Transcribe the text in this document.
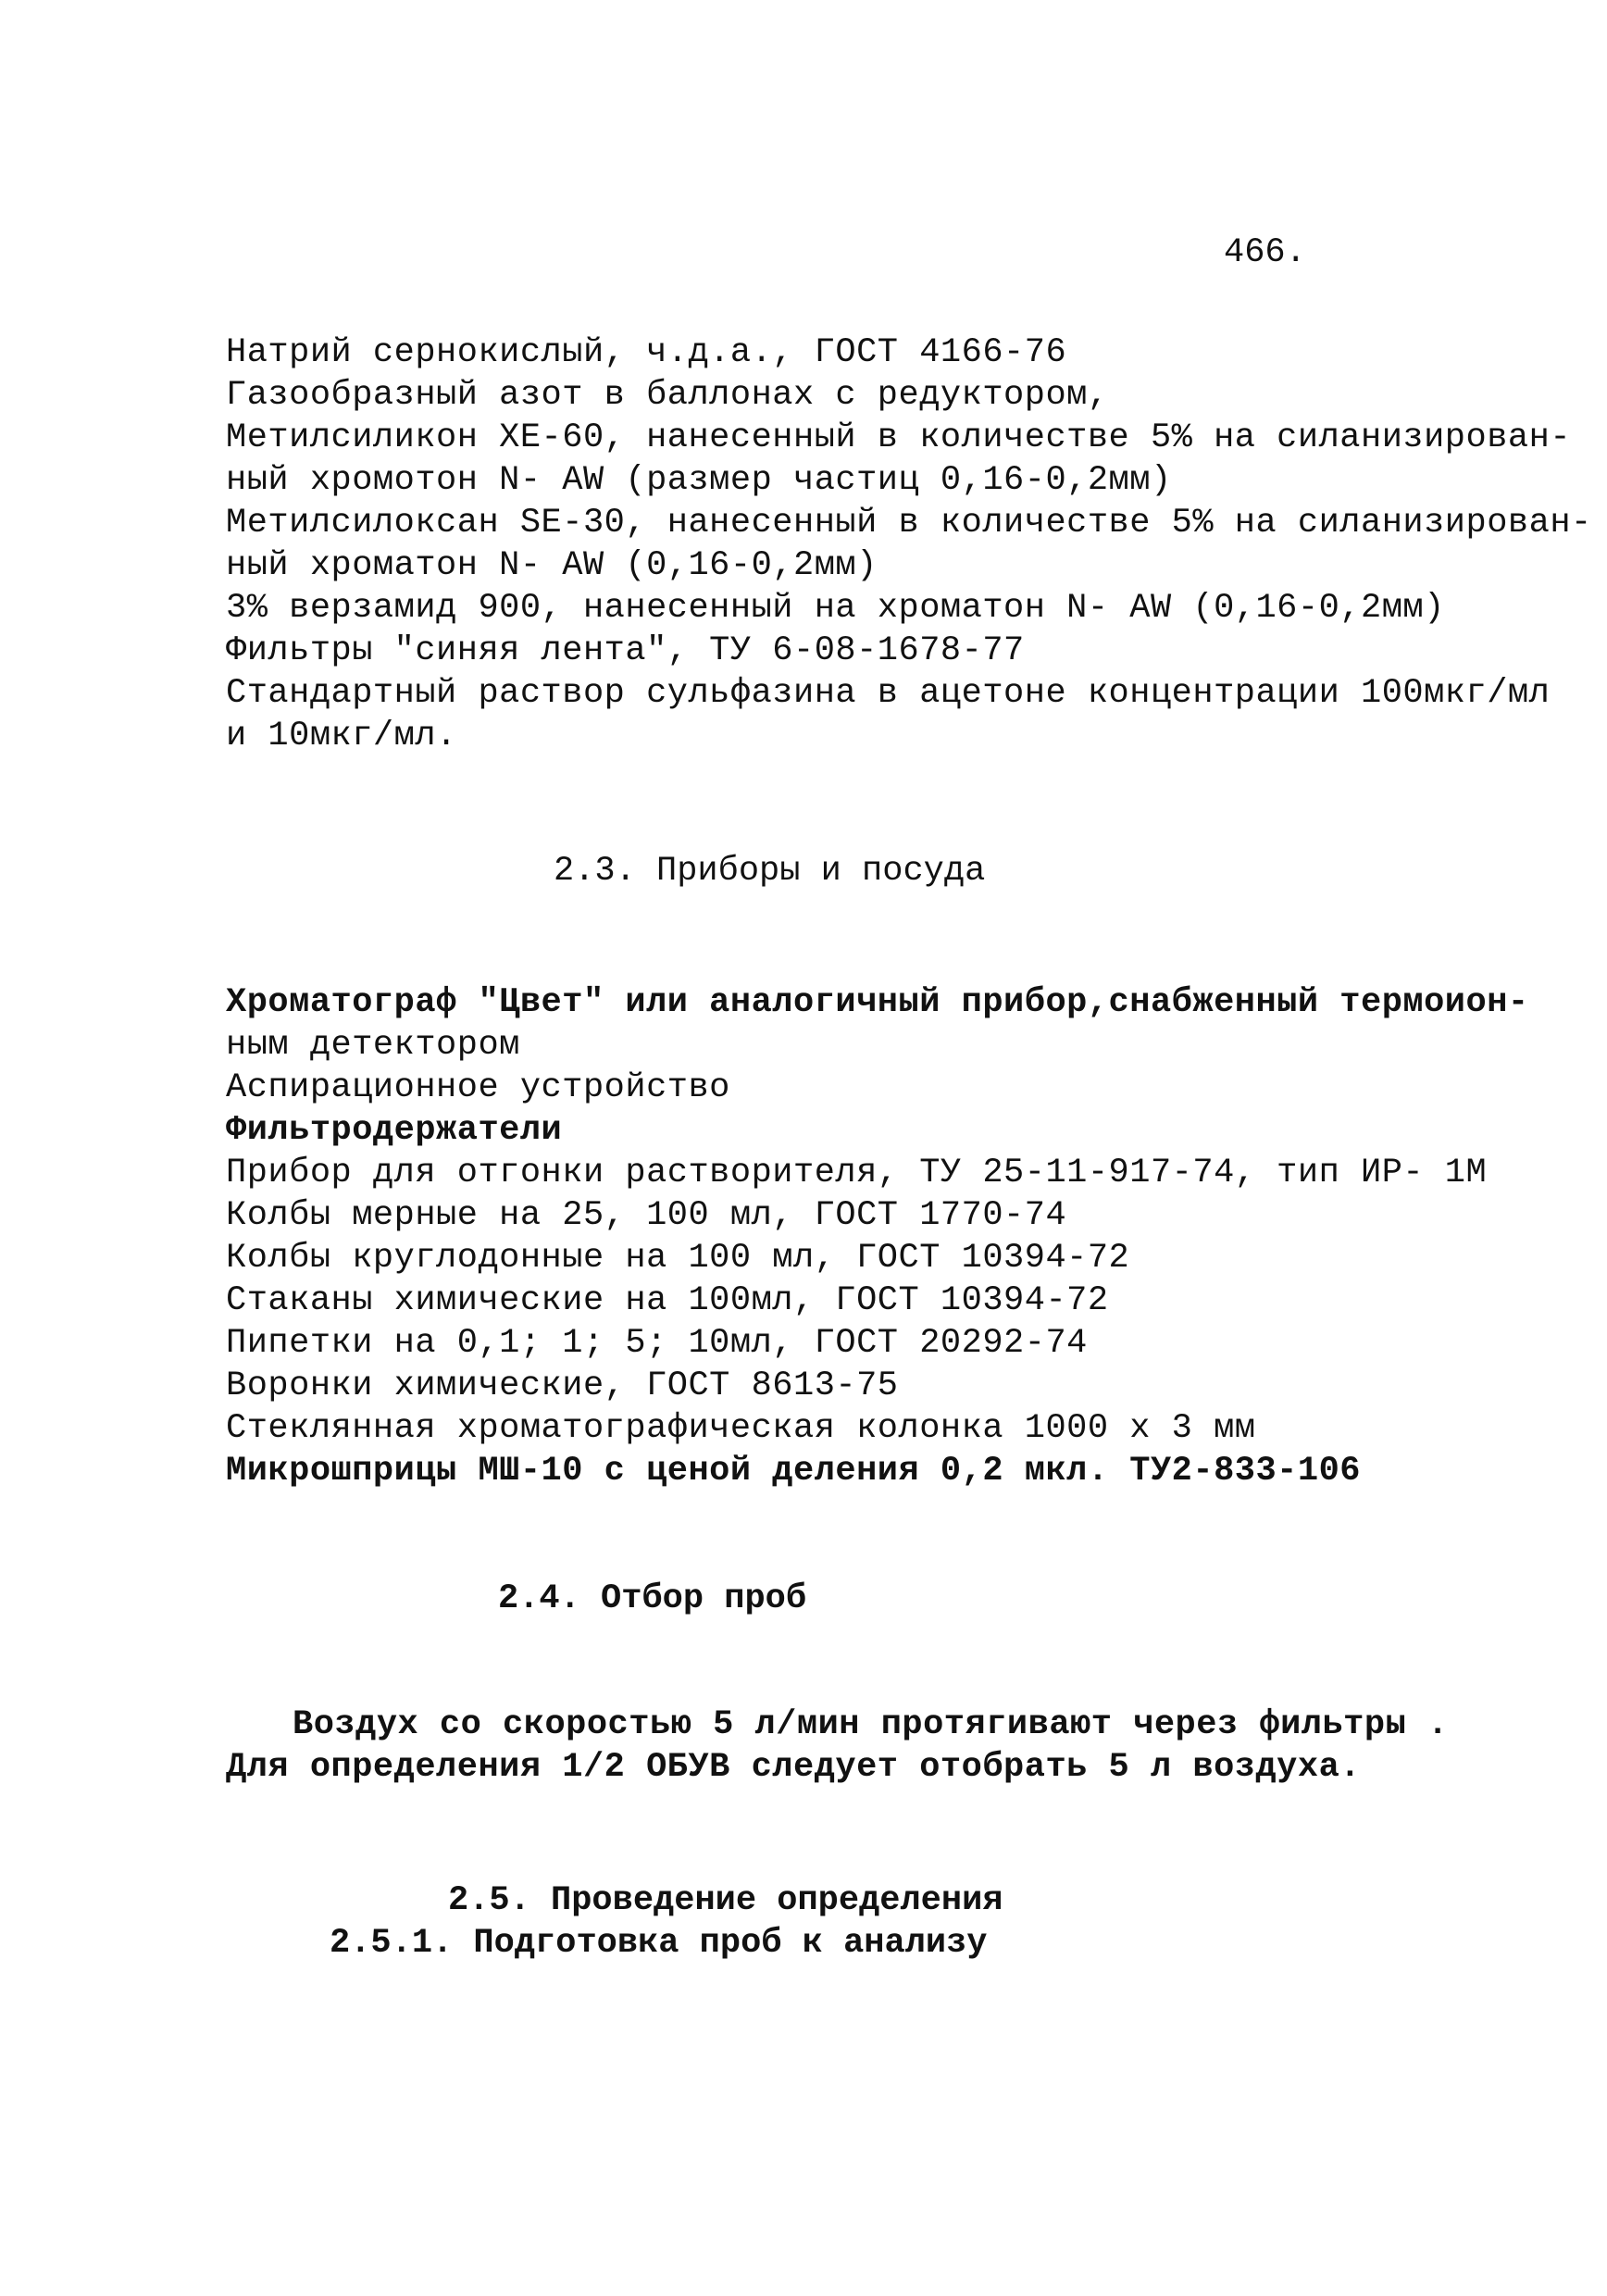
466.
Натрий сернокислый, ч.д.а., ГОСТ 4166-76
Газообразный азот в баллонах с редуктором,
Метилсиликон ХЕ-60, нанесенный в количестве 5% на силанизирован-
ный хромотон N- AW (размер частиц 0,16-0,2мм)
Метилсилоксан SE-30, нанесенный в количестве 5% на силанизирован-
ный хроматон N- AW (0,16-0,2мм)
3% верзамид 900, нанесенный на хроматон N- AW (0,16-0,2мм)
Фильтры "синяя лента", ТУ 6-08-1678-77
Стандартный раствор сульфазина в ацетоне концентрации 100мкг/мл
и 10мкг/мл.
2.3. Приборы и посуда
Хроматограф "Цвет" или аналогичный прибор,снабженный термоион-
ным детектором
Аспирационное устройство
Фильтродержатели
Прибор для отгонки растворителя, ТУ 25-11-917-74, тип ИР- 1М
Колбы мерные на 25, 100 мл, ГОСТ 1770-74
Колбы круглодонные на 100 мл, ГОСТ 10394-72
Стаканы химические на 100мл, ГОСТ 10394-72
Пипетки на 0,1; 1; 5; 10мл, ГОСТ 20292-74
Воронки химические, ГОСТ 8613-75
Стеклянная хроматографическая колонка 1000 х 3 мм
Микрошприцы МШ-10 с ценой деления 0,2 мкл. ТУ2-833-106
2.4. Отбор проб
Воздух со скоростью 5 л/мин протягивают через фильтры .
Для определения 1/2 ОБУВ следует отобрать 5 л воздуха.
2.5. Проведение определения
2.5.1. Подготовка проб к анализу
